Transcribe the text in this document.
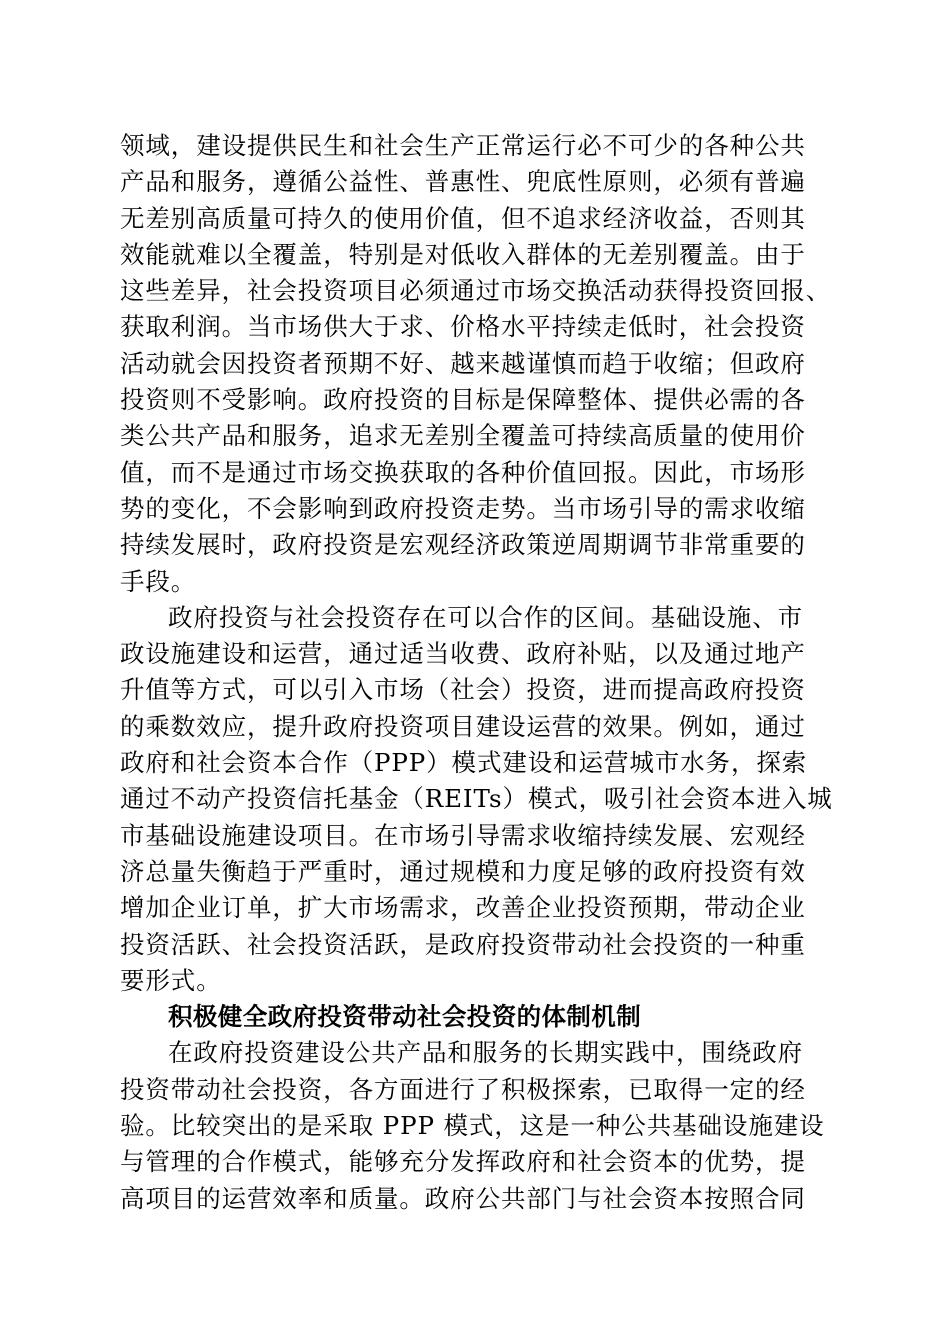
领域，建设提供民生和社会生产正常运行必不可少的各种公共
产品和服务，遵循公益性、普惠性、兜底性原则，必须有普遍
无差别高质量可持久的使用价值，但不追求经济收益，否则其
效能就难以全覆盖，特别是对低收入群体的无差别覆盖。由于
这些差异，社会投资项目必须通过市场交换活动获得投资回报、
获取利润。当市场供大于求、价格水平持续走低时，社会投资
活动就会因投资者预期不好、越来越谨慎而趋于收缩；但政府
投资则不受影响。政府投资的目标是保障整体、提供必需的各
类公共产品和服务，追求无差别全覆盖可持续高质量的使用价
值，而不是通过市场交换获取的各种价值回报。因此，市场形
势的变化，不会影响到政府投资走势。当市场引导的需求收缩
持续发展时，政府投资是宏观经济政策逆周期调节非常重要的
手段。
政府投资与社会投资存在可以合作的区间。基础设施、市
政设施建设和运营，通过适当收费、政府补贴，以及通过地产
升值等方式，可以引入市场（社会）投资，进而提高政府投资
的乘数效应，提升政府投资项目建设运营的效果。例如，通过
政府和社会资本合作（PPP）模式建设和运营城市水务，探索
通过不动产投资信托基金（REITs）模式，吸引社会资本进入城
市基础设施建设项目。在市场引导需求收缩持续发展、宏观经
济总量失衡趋于严重时，通过规模和力度足够的政府投资有效
增加企业订单，扩大市场需求，改善企业投资预期，带动企业
投资活跃、社会投资活跃，是政府投资带动社会投资的一种重
要形式。
积极健全政府投资带动社会投资的体制机制
在政府投资建设公共产品和服务的长期实践中，围绕政府
投资带动社会投资，各方面进行了积极探索，已取得一定的经
验。比较突出的是采取 PPP 模式，这是一种公共基础设施建设
与管理的合作模式，能够充分发挥政府和社会资本的优势，提
高项目的运营效率和质量。政府公共部门与社会资本按照合同
